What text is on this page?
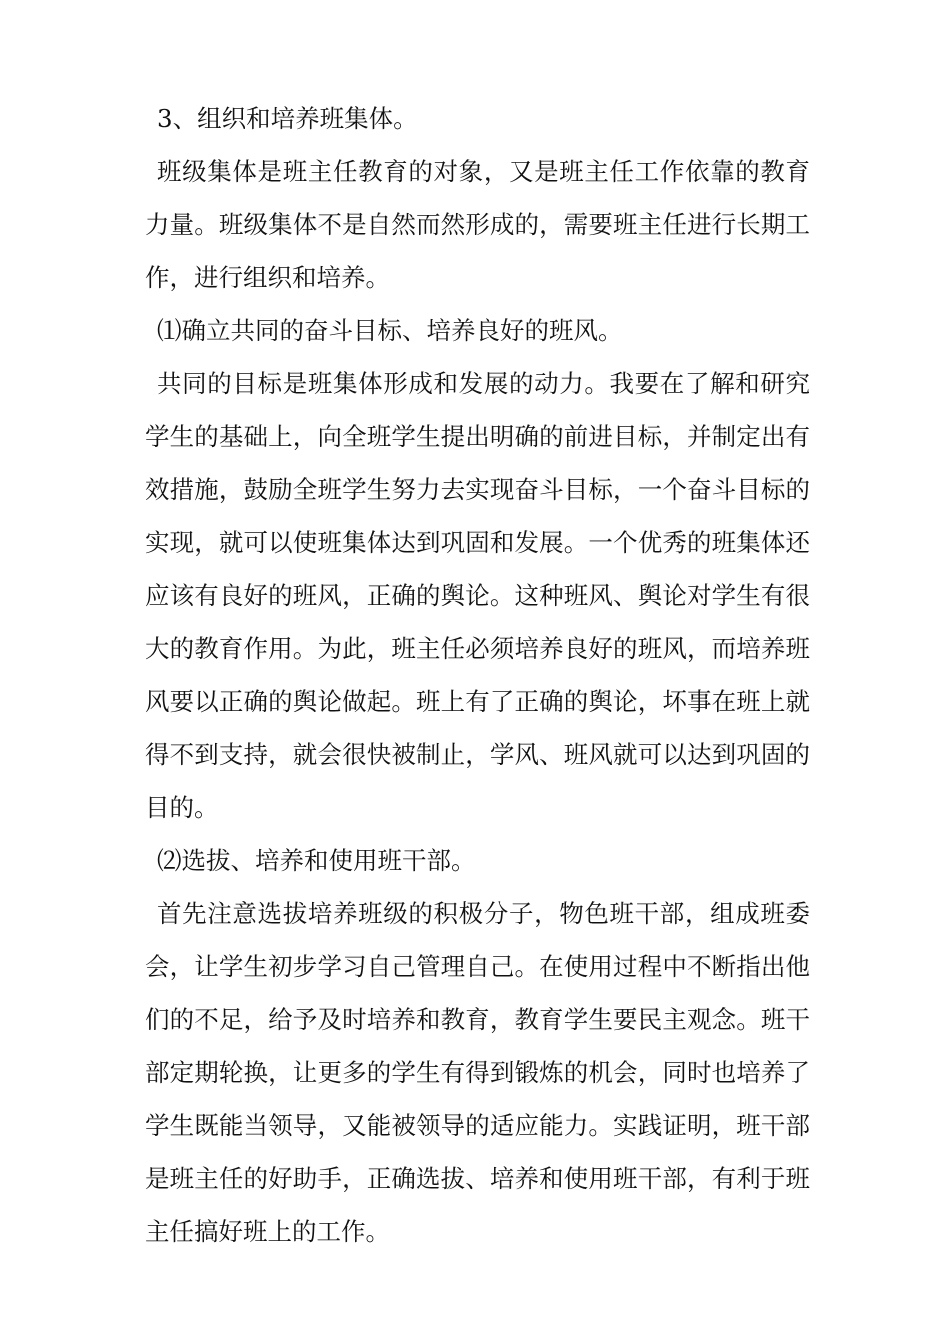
3、组织和培养班集体。

班级集体是班主任教育的对象，又是班主任工作依靠的教育力量。班级集体不是自然而然形成的，需要班主任进行长期工作，进行组织和培养。

⑴确立共同的奋斗目标、培养良好的班风。

共同的目标是班集体形成和发展的动力。我要在了解和研究学生的基础上，向全班学生提出明确的前进目标，并制定出有效措施，鼓励全班学生努力去实现奋斗目标，一个奋斗目标的实现，就可以使班集体达到巩固和发展。一个优秀的班集体还应该有良好的班风，正确的舆论。这种班风、舆论对学生有很大的教育作用。为此，班主任必须培养良好的班风，而培养班风要以正确的舆论做起。班上有了正确的舆论，坏事在班上就得不到支持，就会很快被制止，学风、班风就可以达到巩固的目的。

⑵选拔、培养和使用班干部。

首先注意选拔培养班级的积极分子，物色班干部，组成班委会，让学生初步学习自己管理自己。在使用过程中不断指出他们的不足，给予及时培养和教育，教育学生要民主观念。班干部定期轮换，让更多的学生有得到锻炼的机会，同时也培养了学生既能当领导，又能被领导的适应能力。实践证明，班干部是班主任的好助手，正确选拔、培养和使用班干部，有利于班主任搞好班上的工作。
